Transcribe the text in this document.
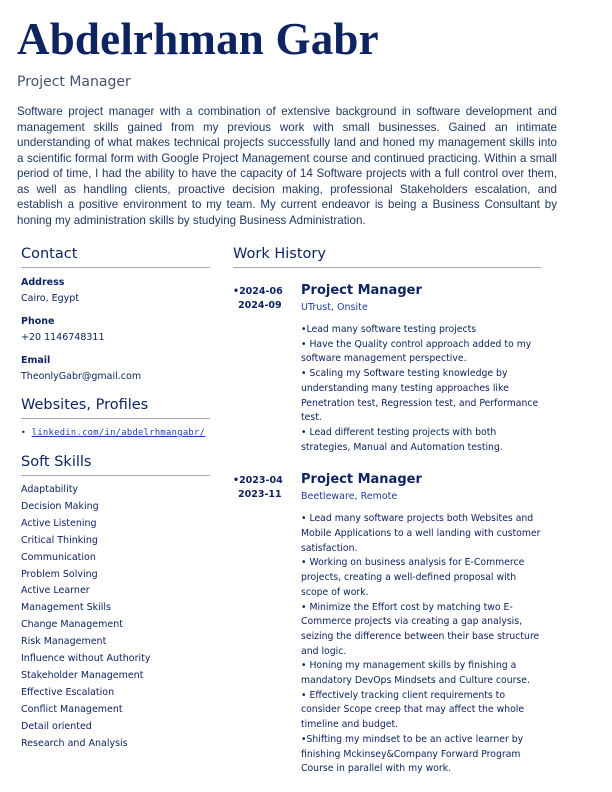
Abdelrhman Gabr
Project Manager
Software project manager with a combination of extensive background in software development and management skills gained from my previous work with small businesses. Gained an intimate understanding of what makes technical projects successfully land and honed my management skills into a scientific formal form with Google Project Management course and continued practicing. Within a small period of time, I had the ability to have the capacity of 14 Software projects with a full control over them, as well as handling clients, proactive decision making, professional Stakeholders escalation, and establish a positive environment to my team. My current endeavor is being a Business Consultant by honing my administration skills by studying Business Administration.
Contact
Address
Cairo, Egypt
Phone
+20 1146748311
Email
TheonlyGabr@gmail.com
Websites, Profiles
• linkedin.com/in/abdelrhmangabr/
Soft Skills
Adaptability
Decision Making
Active Listening
Critical Thinking
Communication
Problem Solving
Active Learner
Management Skills
Change Management
Risk Management
Influence without Authority
Stakeholder Management
Effective Escalation
Conflict Management
Detail oriented
Research and Analysis
Work History
•2024-06
2024-09
Project Manager
UTrust, Onsite
•Lead many software testing projects
• Have the Quality control approach added to my software management perspective.
• Scaling my Software testing knowledge by understanding many testing approaches like Penetration test, Regression test, and Performance test.
• Lead different testing projects with both strategies, Manual and Automation testing.
•2023-04
2023-11
Project Manager
Beetleware, Remote
• Lead many software projects both Websites and Mobile Applications to a well landing with customer satisfaction.
• Working on business analysis for E-Commerce projects, creating a well-defined proposal with scope of work.
• Minimize the Effort cost by matching two E-Commerce projects via creating a gap analysis, seizing the difference between their base structure and logic.
• Honing my management skills by finishing a mandatory DevOps Mindsets and Culture course.
• Effectively tracking client requirements to consider Scope creep that may affect the whole timeline and budget.
•Shifting my mindset to be an active learner by finishing Mckinsey&Company Forward Program Course in parallel with my work.
